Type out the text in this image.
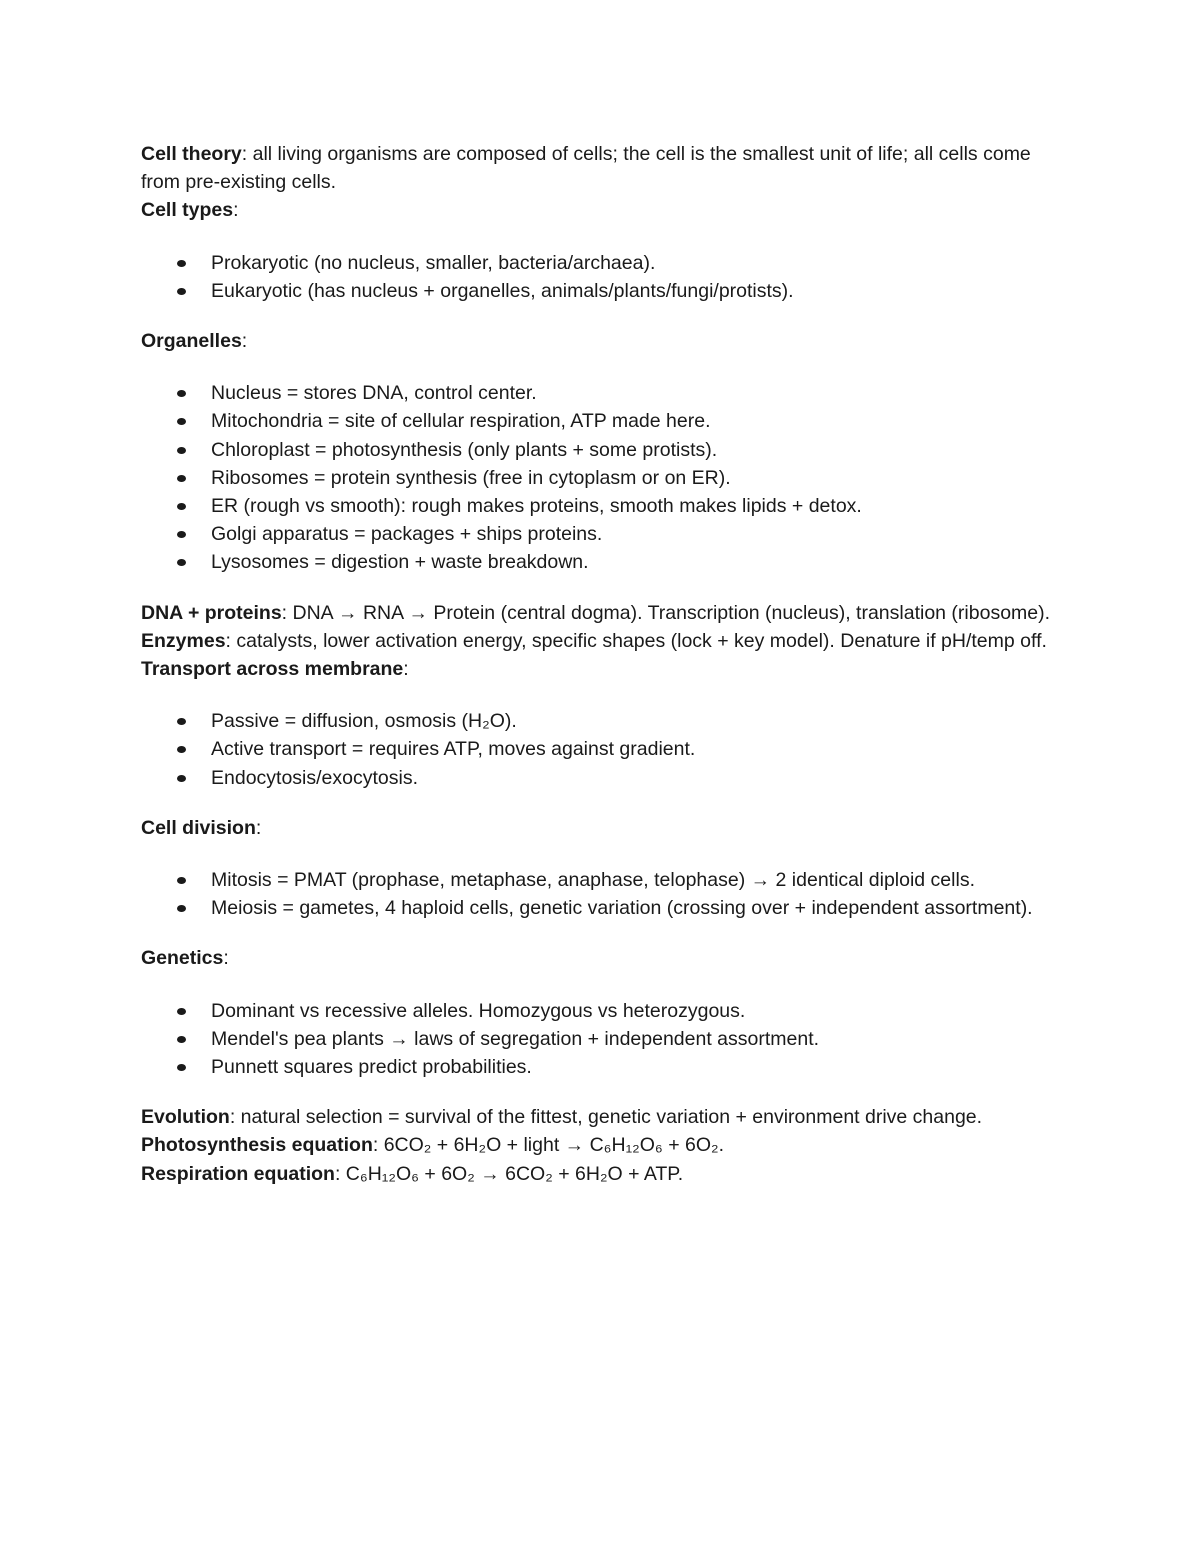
Cell theory: all living organisms are composed of cells; the cell is the smallest unit of life; all cells come from pre-existing cells.

Cell types:

Prokaryotic (no nucleus, smaller, bacteria/archaea).
Eukaryotic (has nucleus + organelles, animals/plants/fungi/protists).

Organelles:

Nucleus = stores DNA, control center.
Mitochondria = site of cellular respiration, ATP made here.
Chloroplast = photosynthesis (only plants + some protists).
Ribosomes = protein synthesis (free in cytoplasm or on ER).
ER (rough vs smooth): rough makes proteins, smooth makes lipids + detox.
Golgi apparatus = packages + ships proteins.
Lysosomes = digestion + waste breakdown.

DNA + proteins: DNA → RNA → Protein (central dogma). Transcription (nucleus), translation (ribosome).

Enzymes: catalysts, lower activation energy, specific shapes (lock + key model). Denature if pH/temp off.

Transport across membrane:

Passive = diffusion, osmosis (H₂O).
Active transport = requires ATP, moves against gradient.
Endocytosis/exocytosis.

Cell division:

Mitosis = PMAT (prophase, metaphase, anaphase, telophase) → 2 identical diploid cells.
Meiosis = gametes, 4 haploid cells, genetic variation (crossing over + independent assortment).

Genetics:

Dominant vs recessive alleles. Homozygous vs heterozygous.
Mendel's pea plants → laws of segregation + independent assortment.
Punnett squares predict probabilities.

Evolution: natural selection = survival of the fittest, genetic variation + environment drive change.

Photosynthesis equation: 6CO₂ + 6H₂O + light → C₆H₁₂O₆ + 6O₂.

Respiration equation: C₆H₁₂O₆ + 6O₂ → 6CO₂ + 6H₂O + ATP.
